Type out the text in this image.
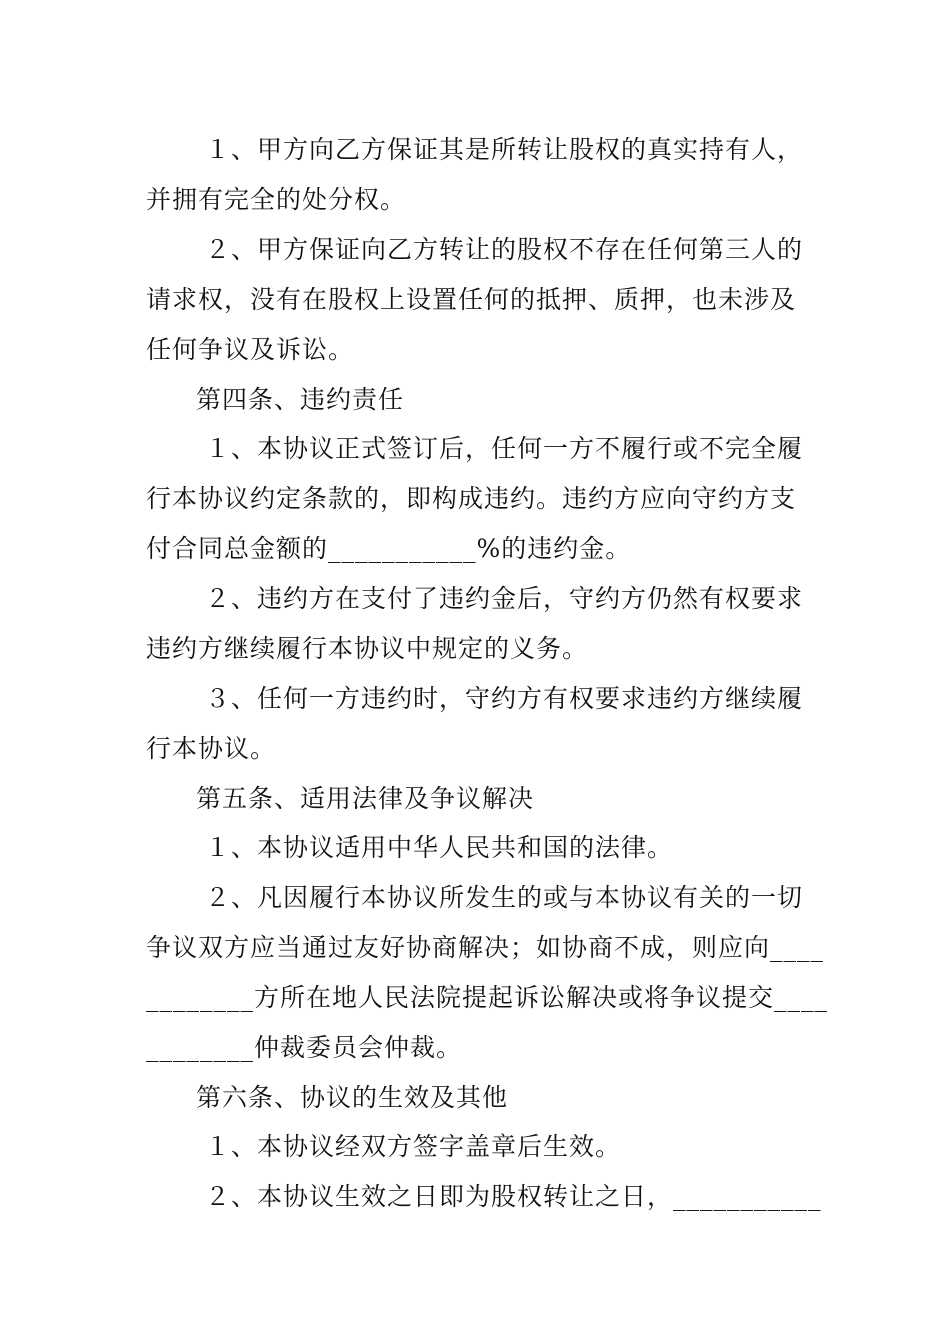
１、甲方向乙方保证其是所转让股权的真实持有人，
并拥有完全的处分权。
２、甲方保证向乙方转让的股权不存在任何第三人的
请求权，没有在股权上设置任何的抵押、质押，也未涉及
任何争议及诉讼。
第四条、违约责任
１、本协议正式签订后，任何一方不履行或不完全履
行本协议约定条款的，即构成违约。违约方应向守约方支
付合同总金额的___________%的违约金。
２、违约方在支付了违约金后，守约方仍然有权要求
违约方继续履行本协议中规定的义务。
３、任何一方违约时，守约方有权要求违约方继续履
行本协议。
第五条、适用法律及争议解决
１、本协议适用中华人民共和国的法律。
２、凡因履行本协议所发生的或与本协议有关的一切
争议双方应当通过友好协商解决；如协商不成，则应向____
________方所在地人民法院提起诉讼解决或将争议提交____
________仲裁委员会仲裁。
第六条、协议的生效及其他
１、本协议经双方签字盖章后生效。
２、本协议生效之日即为股权转让之日，___________
